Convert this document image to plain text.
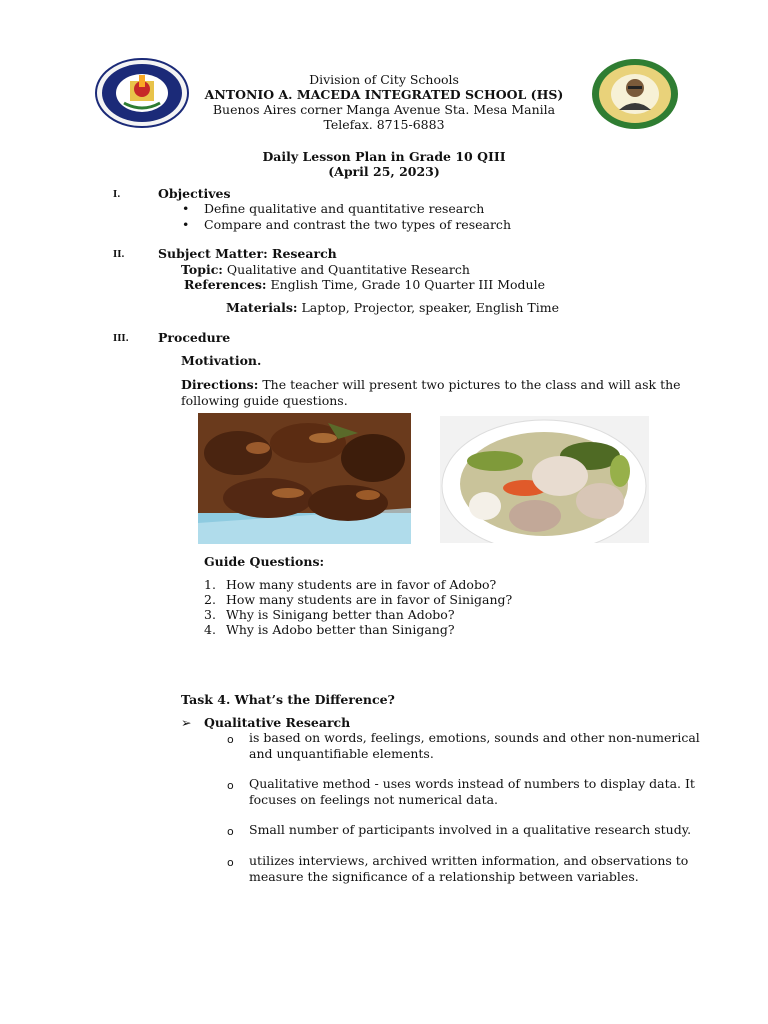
Division of City Schools
ANTONIO A. MACEDA INTEGRATED SCHOOL (HS)
Buenos Aires corner Manga Avenue Sta. Mesa Manila
Telefax. 8715-6883
Daily Lesson Plan in Grade 10 QIII
(April 25, 2023)
I.	Objectives
• Define qualitative and quantitative research
• Compare and contrast the two types of research
II.	Subject Matter: Research
Topic: Qualitative and Quantitative Research
References: English Time, Grade 10 Quarter III Module
Materials: Laptop, Projector, speaker, English Time
III. Procedure
Motivation.
Directions: The teacher will present two pictures to the class and will ask the
following guide questions.
Guide Questions:
1. How many students are in favor of Adobo?
2. How many students are in favor of Sinigang?
3. Why is Sinigang better than Adobo?
4. Why is Adobo better than Sinigang?
Task 4. What’s the Difference?
➢ Qualitative Research
o is based on words, feelings, emotions, sounds and other non-numerical
and unquantifiable elements.
o Qualitative method - uses words instead of numbers to display data. It
focuses on feelings not numerical data.
o Small number of participants involved in a qualitative research study.
o utilizes interviews, archived written information, and observations to
measure the significance of a relationship between variables.
